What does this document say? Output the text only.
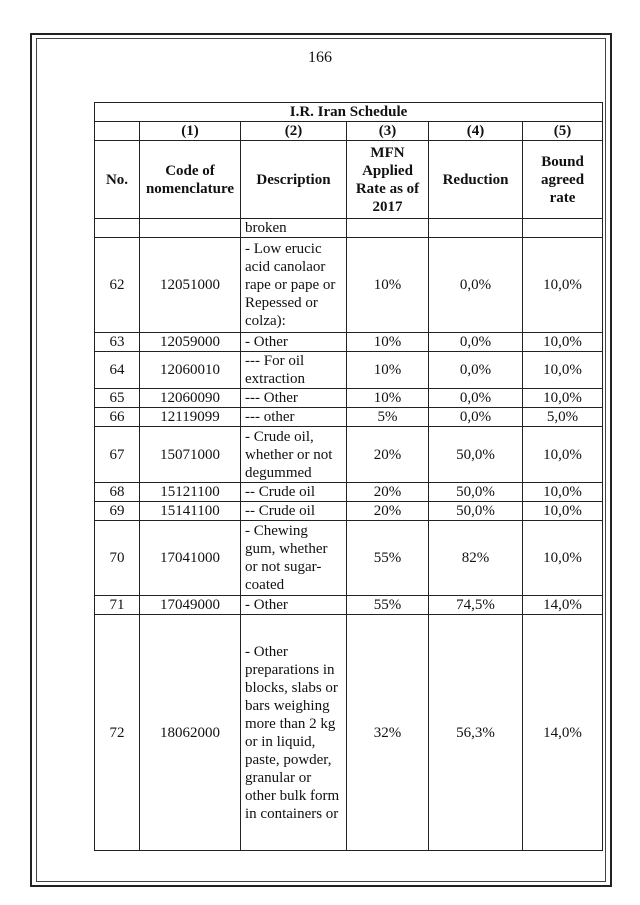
166
I.R. Iran Schedule					
	(1)	(2)	(3)	(4)	(5)
No.	Code of nomenclature	Description	MFN Applied Rate as of 2017	Reduction	Bound agreed rate
		broken			
62	12051000	- Low erucic acid canolaor rape or pape or Repessed or colza):	10%	0,0%	10,0%
63	12059000	- Other	10%	0,0%	10,0%
64	12060010	--- For oil extraction	10%	0,0%	10,0%
65	12060090	--- Other	10%	0,0%	10,0%
66	12119099	--- other	5%	0,0%	5,0%
67	15071000	- Crude oil, whether or not degummed	20%	50,0%	10,0%
68	15121100	-- Crude oil	20%	50,0%	10,0%
69	15141100	-- Crude oil	20%	50,0%	10,0%
70	17041000	- Chewing gum, whether or not sugar-coated	55%	82%	10,0%
71	17049000	- Other	55%	74,5%	14,0%
72	18062000	- Other preparations in blocks, slabs or bars weighing more than 2 kg or in liquid, paste, powder, granular or other bulk form in containers or	32%	56,3%	14,0%
